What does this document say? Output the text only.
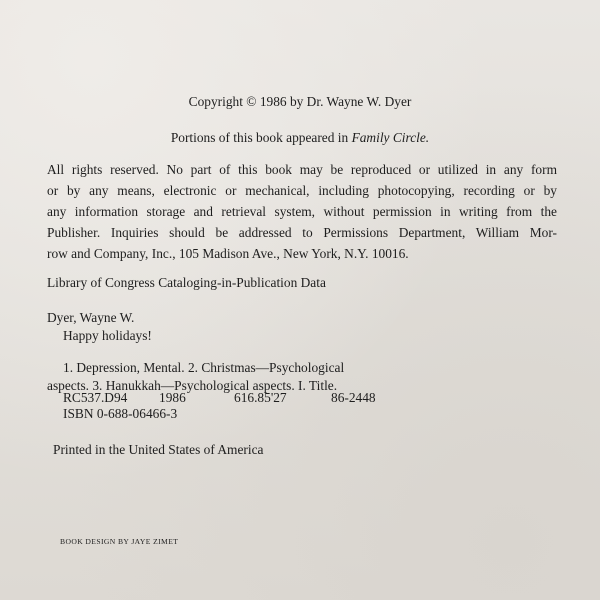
​
Copyright © 1986 by Dr. Wayne W. Dyer
Portions of this book appeared in Family Circle.
All rights reserved. No part of this book may be reproduced or utilized in any form
or by any means, electronic or mechanical, including photocopying, recording or by
any information storage and retrieval system, without permission in writing from the
Publisher. Inquiries should be addressed to Permissions Department, William Mor-
row and Company, Inc., 105 Madison Ave., New York, N.Y. 10016.
Library of Congress Cataloging-in-Publication Data
Dyer, Wayne W.
Happy holidays!
1. Depression, Mental. 2. Christmas—Psychological
aspects. 3. Hanukkah—Psychological aspects. I. Title.
RC537.D94 1986	616.85'27	86-2448
ISBN 0-688-06466-3
Printed in the United States of America
BOOK DESIGN BY JAYE ZIMET
